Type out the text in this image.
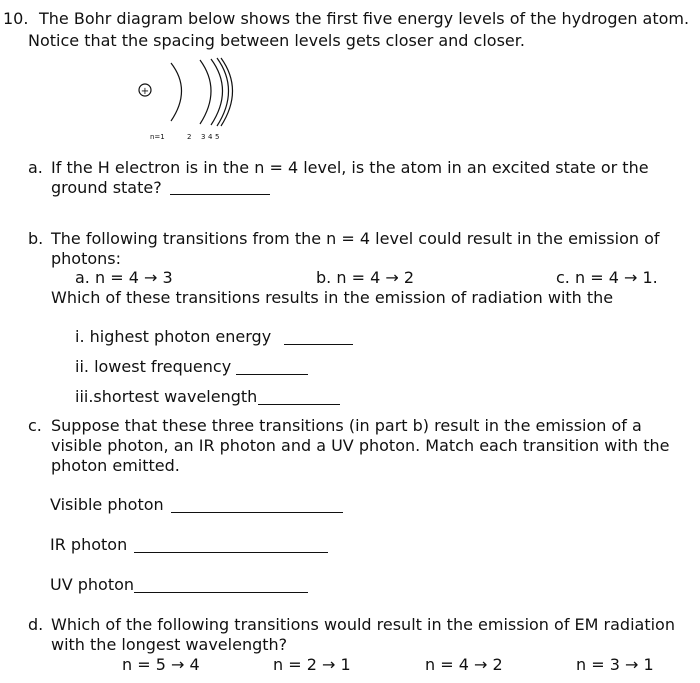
10. The Bohr diagram below shows the first five energy levels of the hydrogen atom.
Notice that the spacing between levels gets closer and closer.
+
n=1	2 3 4 5
a. If the H electron is in the n = 4 level, is the atom in an excited state or the
ground state?
b. The following transitions from the n = 4 level could result in the emission of
photons:
a. n = 4 → 3	b. n = 4 → 2	c. n = 4 → 1.
Which of these transitions results in the emission of radiation with the
i. highest photon energy
ii. lowest frequency
iii.shortest wavelength
c. Suppose that these three transitions (in part b) result in the emission of a
visible photon, an IR photon and a UV photon. Match each transition with the
photon emitted.
Visible photon
IR photon
UV photon
d. Which of the following transitions would result in the emission of EM radiation
with the longest wavelength?
n = 5 → 4	n = 2 → 1	n = 4 → 2	n = 3 → 1
